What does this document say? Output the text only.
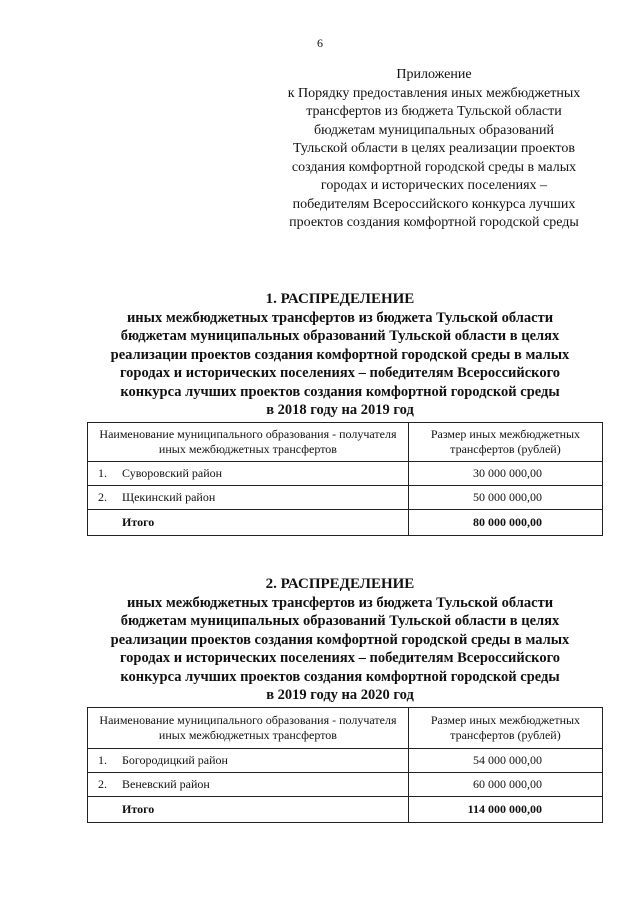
6
Приложение
к Порядку предоставления иных межбюджетных
трансфертов из бюджета Тульской области
бюджетам муниципальных образований
Тульской области в целях реализации проектов
создания комфортной городской среды в малых
городах и исторических поселениях –
победителям Всероссийского конкурса лучших
проектов создания комфортной городской среды
1. РАСПРЕДЕЛЕНИЕ
иных межбюджетных трансфертов из бюджета Тульской области
бюджетам муниципальных образований Тульской области в целях
реализации проектов создания комфортной городской среды в малых
городах и исторических поселениях – победителям Всероссийского
конкурса лучших проектов создания комфортной городской среды
в 2018 году на 2019 год
Наименование муниципального образования - получателя иных межбюджетных трансфертов	Размер иных межбюджетных трансфертов (рублей)
1. Суворовский район	30 000 000,00
2. Щекинский район	50 000 000,00
Итого	80 000 000,00
2. РАСПРЕДЕЛЕНИЕ
иных межбюджетных трансфертов из бюджета Тульской области
бюджетам муниципальных образований Тульской области в целях
реализации проектов создания комфортной городской среды в малых
городах и исторических поселениях – победителям Всероссийского
конкурса лучших проектов создания комфортной городской среды
в 2019 году на 2020 год
Наименование муниципального образования - получателя иных межбюджетных трансфертов	Размер иных межбюджетных трансфертов (рублей)
1. Богородицкий район	54 000 000,00
2. Веневский район	60 000 000,00
Итого	114 000 000,00
